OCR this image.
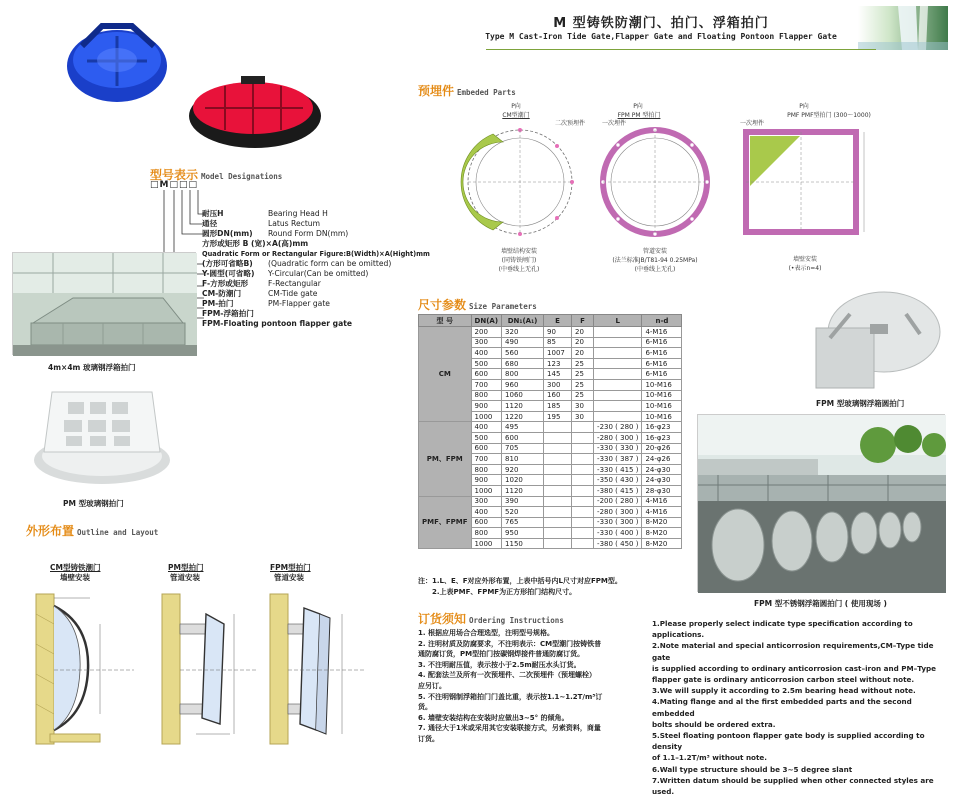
M 型铸铁防潮门、拍门、浮箱拍门
Type M Cast-Iron Tide Gate,Flapper Gate and Floating Pontoon Flapper Gate
型号表示 Model Designations
□M□□□
耐压H	Bearing Head H
通径	Latus Rectum
圆形DN(mm) Round Form DN(mm)
方形或矩形 B (宽)×A(高)mm
Quadratic Form or Rectangular Figure:B(Width)×A(Hight)mm
(方形可省略B) (Quadratic form can be omitted)
Y-圆型(可省略) Y-Circular(Can be omitted)
F-方形或矩形	F-Rectangular
CM-防潮门	CM-Tide gate
PM-拍门	PM-Flapper gate
FPM-浮箱拍门
FPM-Floating pontoon flapper gate
4m×4m 玻璃钢浮箱拍门
PM 型玻璃钢拍门
外形布置 Outline and Layout
CM型铸铁潮门
墙壁安装
PM型拍门
管道安装
FPM型拍门
管道安装
预埋件 Embeded Parts
P向
CM型潮门
二次预埋件
墙壁结构安装
(同铸铁闸门)
(中垂线上无孔)
P向
FPM PM 型拍门
一次埋件
管道安装
(法兰标准JB/T81-94 0.25MPa)
(中垂线上无孔)
P向
PMF PMF型拍门 (300～1000)
一次埋件
墙壁安装
(•表示n=4)
尺寸参数 Size Parameters
型 号	DN(A)	DN₁(A₁)	E	F	L	n-d
CM	200	320	90	20		4-M16
	300	490	85	20		6-M16
	400	560	1007	20		6-M16
	500	680	123	25		6-M16
	600	800	145	25		6-M16
	700	960	300	25		10-M16
	800	1060	160	25		10-M16
	900	1120	185	30		10-M16
	1000	1220	195	30		10-M16
PM、FPM	400	495			-230 ( 280 )	16-φ23
	500	600			-280 ( 300 )	16-φ23
	600	705			-330 ( 330 )	20-φ26
	700	810			-330 ( 387 )	24-φ26
	800	920			-330 ( 415 )	24-φ30
	900	1020			-350 ( 430 )	24-φ30
	1000	1120			-380 ( 415 )	28-φ30
PMF、FPMF	300	390			-200 ( 280 )	4-M16
	400	520			-280 ( 300 )	4-M16
	600	765			-330 ( 300 )	8-M20
	800	950			-330 ( 400 )	8-M20
	1000	1150			-380 ( 450 )	8-M20
注：1.L、E、F对应外形布置，上表中括号内L尺寸对应FPM型。
2.上表PMF、FPMF为正方形拍门结构尺寸。
FPM 型玻璃钢浮箱圆拍门
FPM 型不锈钢浮箱圆拍门 ( 使用现场 )
订货须知 Ordering Instructions
1. 根据应用场合合理选型，注明型号规格。
2. 注明材质及防腐要求，不注明表示：CM型潮门按铸铁普
通防腐订货，PM型拍门按碳钢焊接件普通防腐订货。
3. 不注明耐压值，表示按小于2.5m耐压水头订货。
4. 配套法兰及所有一次预埋件、二次预埋件（预埋螺栓）
应另订。
5. 不注明钢制浮箱拍门门盖比重，表示按1.1~1.2T/m³订
货。
6. 墙壁安装结构在安装时应做出3~5° 的倾角。
7. 通径大于1米或采用其它安装联接方式，另索资料，商量
订货。
1.Please properly select indicate type specification according to applications.
2.Note material and special anticorrosion requirements,CM–Type tide gate
is supplied according to ordinary anticorrosion cast–iron and PM–Type
flapper gate is ordinary anticorrosion carbon steel without note.
3.We will supply it according to 2.5m bearing head without note.
4.Mating flange and al the first embedded parts and the second embedded
bolts should be ordered extra.
5.Steel floating pontoon flapper gate body is supplied according to density
of 1.1–1.2T/m³ without note.
6.Wall type structure should be 3~5 degree slant
7.Written datum should be supplied when other connected styles are used.
